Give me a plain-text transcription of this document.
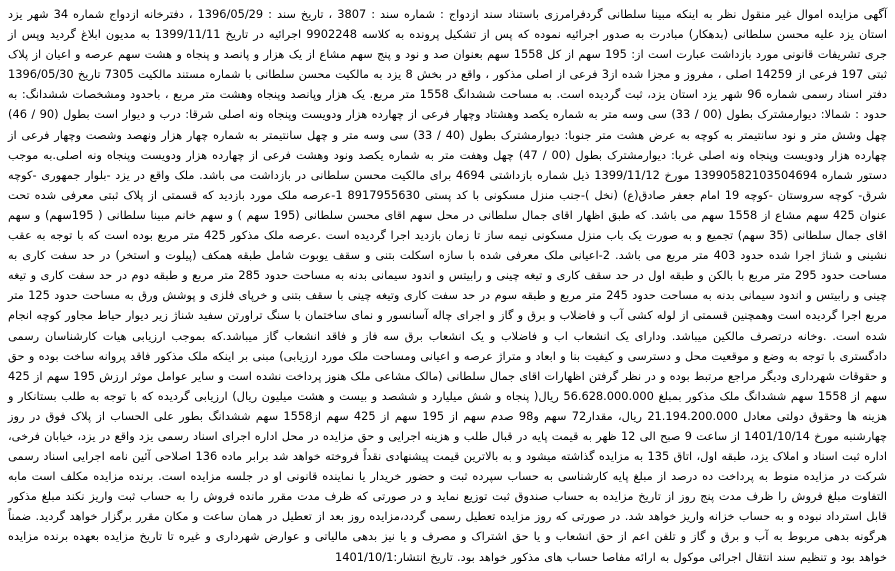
آگهی مزایده اموال غیر منقول نظر به اینکه مبینا سلطانی گردفرامرزی باستناد سند ازدواج : شماره سند : 3807 ، تاریخ سند : 1396/05/29 ، دفترخانه ازدواج شماره 34 شهر یزد استان یزد علیه محسن سلطانی (بدهکار) مبادرت به صدور اجرائیه نموده که پس از تشکیل پرونده به کلاسه 9902248 اجرائیه در تاریخ 1399/11/11 به مدیون ابلاغ گردید وپس از جری تشریفات قانونی مورد بازداشت عبارت است از: 195 سهم از کل 1558 سهم بعنوان صد و نود و پنج سهم مشاع از یک هزار و پانصد و پنجاه و هشت سهم عرصه و اعیان از پلاک ثبتی 197 فرعی از 14259 اصلی ، مفروز و مجزا شده از3 فرعی از اصلی مذکور ، واقع در بخش 8 یزد به مالکیت محسن سلطانی با شماره مستند مالکیت 7305 تاریخ 1396/05/30 دفتر اسناد رسمی شماره 96 شهر یزد استان یزد، ثبت گردیده است. به مساحت ششدانگ 1558 متر مربع. یک هزار وپانصد وپنجاه وهشت متر مربع ، باحدود ومشخصات ششدانگ: به حدود : شمالا: دیوارمشترک بطول (00 / 33) سی وسه متر به شماره یکصد وهشتاد وچهار فرعی از چهارده هزار ودویست وپنجاه ونه اصلی شرقا: درب و دیوار است بطول (90 / 46) چهل وشش متر و نود سانتیمتر به کوچه به عرض هشت متر جنوبا: دیوارمشترک بطول (40 / 33) سی وسه متر و چهل سانتیمتر به شماره چهار هزار ونهصد وشصت وچهار فرعی از چهارده هزار ودویست وپنجاه ونه اصلی غربا: دیوارمشترک بطول (00 / 47) چهل وهفت متر به شماره یکصد ونود وهشت فرعی از چهارده هزار ودویست وپنجاه ونه اصلی.به موجب دستور شماره 13990582103504694 مورخ 1399/11/12 ذیل شماره بازداشتی 4694 برای مالکیت محسن سلطانی در بازداشت می باشد. ملک واقع در یزد -بلوار جمهوری -کوچه شرق- کوچه سروستان -کوچه 19 امام جعفر صادق(ع) (نخل )-جنب منزل مسکونی با کد پستی 8917955630 1-عرصه ملک مورد بازدید که قسمتی از پلاک ثبتی معرفی شده تحت عنوان 425 سهم مشاع از 1558 سهم می باشد. که طبق اظهار اقای جمال سلطانی در محل سهم اقای محسن سلطانی (195 سهم ) و سهم خانم مبینا سلطانی ( 195سهم) و سهم اقای جمال سلطانی (35 سهم) تجمیع و به صورت یک باب منزل مسکونی نیمه ساز تا زمان بازدید اجرا گردیده است .عرصه ملک مذکور 425 متر مربع بوده است که با توجه به عقب نشینی و شناژ اجرا شده حدود 403 متر مربع می باشد. 2-اعیانی ملک معرفی شده با سازه اسکلت بتنی و سقف یوبوت شامل طبقه همکف (پیلوت و استخر) در حد سفت کاری به مساحت حدود 295 متر مربع با بالکن و طبقه اول در حد سقف کاری و تیغه چینی و رابیتس و اندود سیمانی بدنه به مساحت حدود 285 متر مربع و طبقه دوم در حد سفت کاری و تیغه چینی و رابیتس و اندود سیمانی بدنه به مساحت حدود 245 متر مربع و طبقه سوم در حد سفت کاری وتیغه چینی با سقف بتنی و خرپای فلزی و پوشش ورق به مساحت حدود 125 متر مربع اجرا گردیده است وهمچنین قسمتی از لوله کشی آب و فاضلاب و برق و گاز و اجرای چاله آسانسور و نمای ساختمان با سنگ تراورتن سفید شناژ زیر دیوار حیاط مجاور کوچه انجام شده است. .وخانه درتصرف مالکین میباشد. ودارای یک انشعاب اب و فاضلاب و یک انشعاب برق سه فاز و فاقد انشعاب گاز میباشد.که بموجب ارزیابی هیات کارشناسان رسمی دادگستری با توجه به وضع و موقعیت محل و دسترسی و کیفیت بنا و ابعاد و متراژ عرصه و اعیانی ومساحت ملک مورد ارزیابی) مبنی بر اینکه ملک مذکور فاقد پروانه ساخت بوده و حق و حقوقات شهرداری ودیگر مراجع مرتبط بوده و در نظر گرفتن اظهارات اقای جمال سلطانی (مالک مشاعی ملک هنوز پرداخت نشده است و سایر عوامل موثر ارزش 195 سهم از 425 سهم از 1558 سهم ششدانگ ملک مذکور بمبلغ 56.628.000.000 ریال( پنجاه و شش میلیارد و ششصد و بیست و هشت میلیون ریال) ارزیابی گردیده که با توجه به طلب بستانکار و هزینه ها وحقوق دولتی معادل 21.194.200.000 ریال، مقدار72 سهم و98 صدم سهم از 195 سهم از 425 سهم از1558 سهم ششدانگ بطور علی الحساب از پلاک فوق در روز چهارشنبه مورخ 1401/10/14 از ساعت 9 صبح الی 12 ظهر به قیمت پایه در قبال طلب و هزینه اجرایی و حق مزایده در محل اداره اجرای اسناد رسمی یزد واقع در یزد، خیابان فرخی، اداره ثبت اسناد و املاک یزد، طبقه اول، اتاق 135 به مزایده گذاشته میشود و به بالاترین قیمت پیشنهادی نقداً فروخته خواهد شد برابر ماده 136 اصلاحی آئین نامه اجرایی اسناد رسمی شرکت در مزایده منوط به پرداخت ده درصد از مبلغ پایه کارشناسی به حساب سپرده ثبت و حضور خریدار یا نماینده قانونی او در جلسه مزایده است. برنده مزایده مکلف است مابه التفاوت مبلغ فروش را ظرف مدت پنج روز از تاریخ مزایده به حساب صندوق ثبت توزیع نماید و در صورتی که ظرف مدت مقرر مانده فروش را به حساب ثبت واریز نکند مبلغ مذکور قابل استرداد نبوده و به حساب خزانه واریز خواهد شد. در صورتی که روز مزایده تعطیل رسمی گردد،مزایده روز بعد از تعطیل در همان ساعت و مکان مقرر برگزار خواهد گردید. ضمناً هرگونه بدهی مربوط به آب و برق و گاز و تلفن اعم از حق انشعاب و یا حق اشتراک و مصرف و یا نیز بدهی مالیاتی و عوارض شهرداری و غیره تا تاریخ مزایده بعهده برنده مزایده خواهد بود و تنظیم سند انتقال اجرائی موکول به ارائه مفاصا حساب های مذکور خواهد بود. تاریخ انتشار:1401/10/1
